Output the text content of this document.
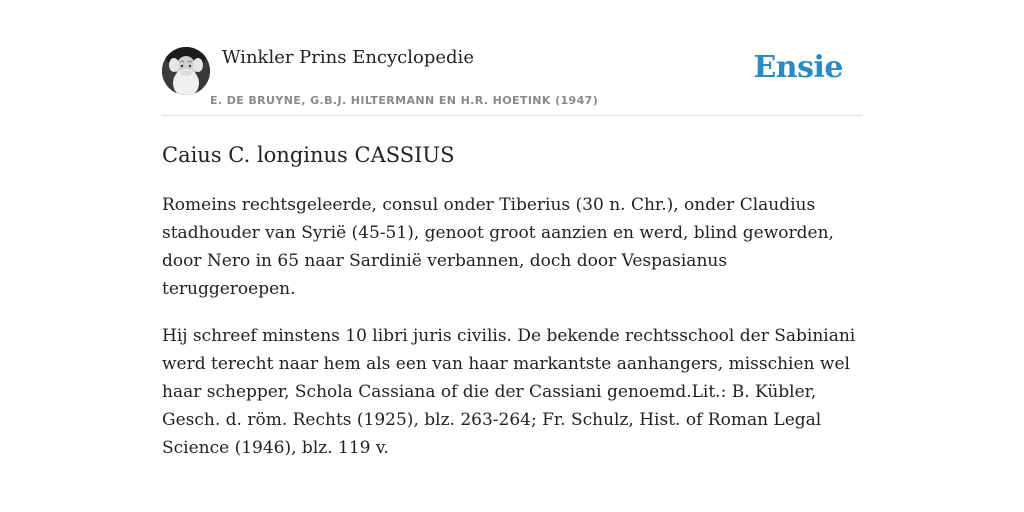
Winkler Prins Encyclopedie
E. DE BRUYNE, G.B.J. HILTERMANN EN H.R. HOETINK (1947)
Ensie
Caius C. longinus CASSIUS

Romeins rechtsgeleerde, consul onder Tiberius (30 n. Chr.), onder Claudius stadhouder van Syrië (45-51), genoot groot aanzien en werd, blind geworden, door Nero in 65 naar Sardinië verbannen, doch door Vespasianus teruggeroepen.

Hij schreef minstens 10 libri juris civilis. De bekende rechtsschool der Sabiniani werd terecht naar hem als een van haar markantste aanhangers, misschien wel haar schepper, Schola Cassiana of die der Cassiani genoemd.Lit.: B. Kübler, Gesch. d. röm. Rechts (1925), blz. 263-264; Fr. Schulz, Hist. of Roman Legal Science (1946), blz. 119 v.
